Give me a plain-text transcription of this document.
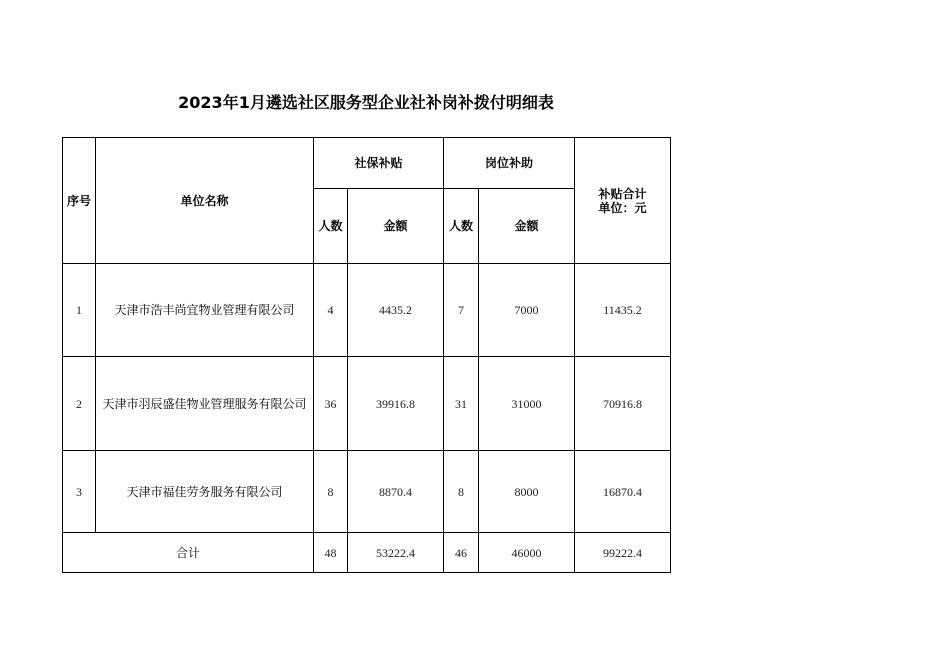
2023年1月遴选社区服务型企业社补岗补拨付明细表
序号	单位名称	社保补贴		岗位补助		补贴合计
单位：元

		人数	金额	人数	金额	
1	天津市浩丰尚宜物业管理有限公司	4	4435.2	7	7000	11435.2
2	天津市羽辰盛佳物业管理服务有限公司	36	39916.8	31	31000	70916.8
3	天津市福佳劳务服务有限公司	8	8870.4	8	8000	16870.4
合计		48	53222.4	46	46000	99222.4
